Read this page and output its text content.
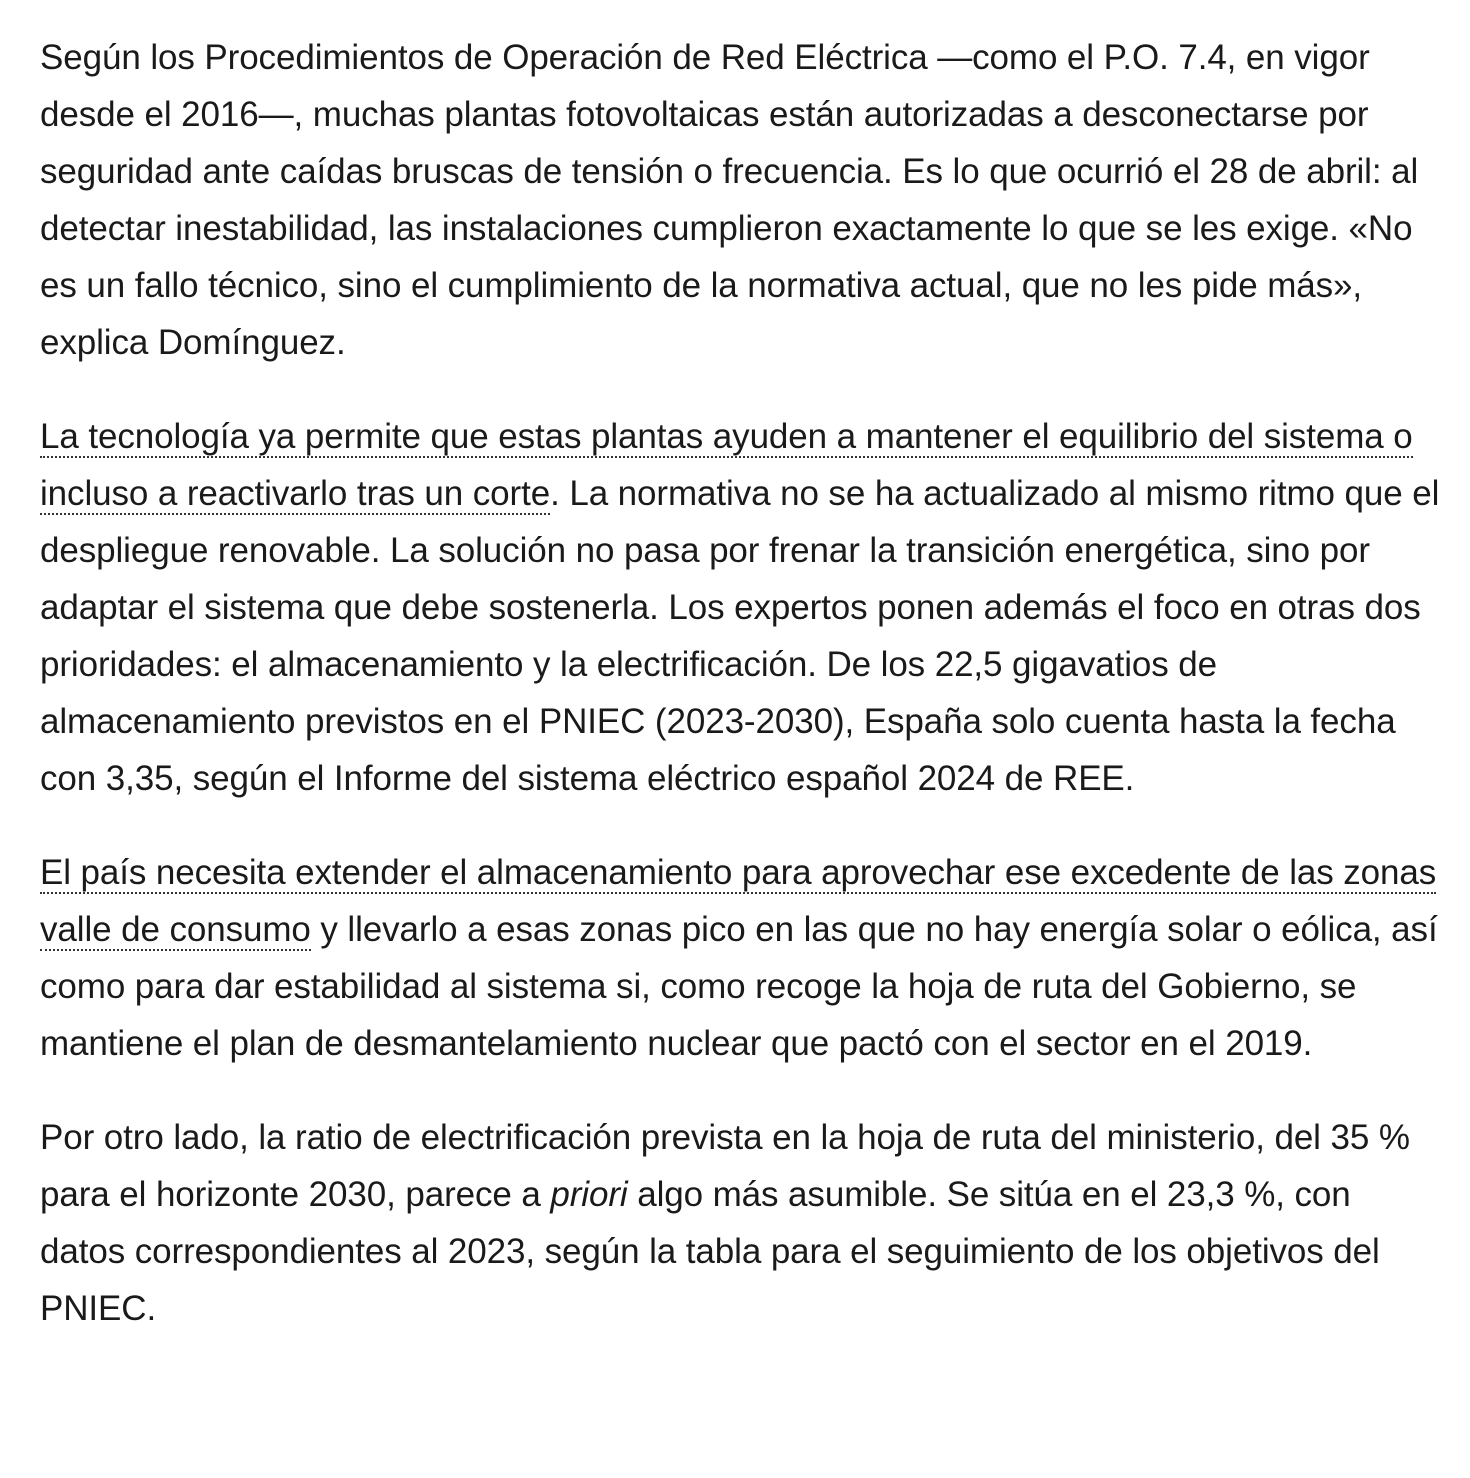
Según los Procedimientos de Operación de Red Eléctrica —como el P.O. 7.4, en vigor desde el 2016—, muchas plantas fotovoltaicas están autorizadas a desconectarse por seguridad ante caídas bruscas de tensión o frecuencia. Es lo que ocurrió el 28 de abril: al detectar inestabilidad, las instalaciones cumplieron exactamente lo que se les exige. «No es un fallo técnico, sino el cumplimiento de la normativa actual, que no les pide más», explica Domínguez.

La tecnología ya permite que estas plantas ayuden a mantener el equilibrio del sistema o incluso a reactivarlo tras un corte. La normativa no se ha actualizado al mismo ritmo que el despliegue renovable. La solución no pasa por frenar la transición energética, sino por adaptar el sistema que debe sostenerla. Los expertos ponen además el foco en otras dos prioridades: el almacenamiento y la electrificación. De los 22,5 gigavatios de almacenamiento previstos en el PNIEC (2023-2030), España solo cuenta hasta la fecha con 3,35, según el Informe del sistema eléctrico español 2024 de REE.

El país necesita extender el almacenamiento para aprovechar ese excedente de las zonas valle de consumo y llevarlo a esas zonas pico en las que no hay energía solar o eólica, así como para dar estabilidad al sistema si, como recoge la hoja de ruta del Gobierno, se mantiene el plan de desmantelamiento nuclear que pactó con el sector en el 2019.

Por otro lado, la ratio de electrificación prevista en la hoja de ruta del ministerio, del 35 % para el horizonte 2030, parece a priori algo más asumible. Se sitúa en el 23,3 %, con datos correspondientes al 2023, según la tabla para el seguimiento de los objetivos del PNIEC.
